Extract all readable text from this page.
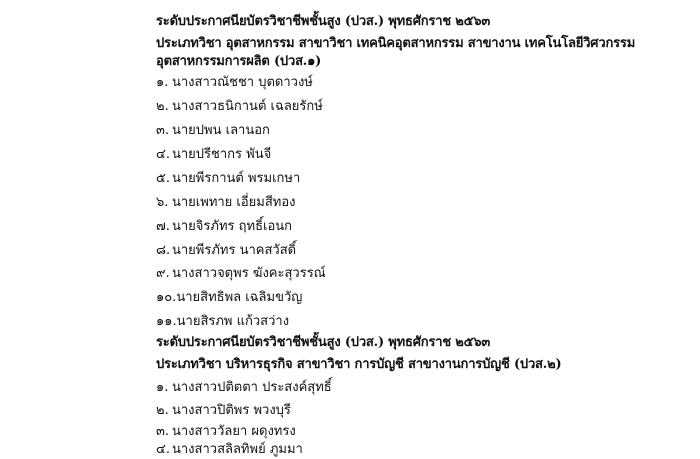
ระดับประกาศนียบัตรวิชาชีพชั้นสูง (ปวส.) พุทธศักราช ๒๕๖๓
ประเภทวิชา อุตสาหกรรม สาขาวิชา เทคนิคอุตสาหกรรม สาขางาน เทคโนโลยีวิศวกรรม
อุตสาหกรรมการผลิต (ปวส.๑)
๑. นางสาวณัชชา บุตดาวงษ์
๒. นางสาวธนิกานต์ เฉลยรักษ์
๓. นายปพน เลานอก
๔. นายปรีชากร พันจี
๕. นายพีรกานต์ พรมเกษา
๖. นายเพทาย เอี่ยมสีทอง
๗. นายจิรภัทร ฤทธิ์เอนก
๘. นายพีรภัทร นาคสวัสดิ์
๙. นางสาวจตุพร ฆังคะสุวรรณ์
๑๐.นายสิทธิพล เฉลิมขวัญ
๑๑.นายสิรภพ แก้วสว่าง
ระดับประกาศนียบัตรวิชาชีพชั้นสูง (ปวส.) พุทธศักราช ๒๕๖๓
ประเภทวิชา บริหารธุรกิจ สาขาวิชา การบัญชี สาขางานการบัญชี (ปวส.๒)
๑. นางสาวปติตตา ประสงค์สุทธิ์
๒. นางสาวปิติพร พวงบุรี
๓. นางสาววัลยา ผดุงทรง
๔. นางสาวสลิลทิพย์ ภูมมา
